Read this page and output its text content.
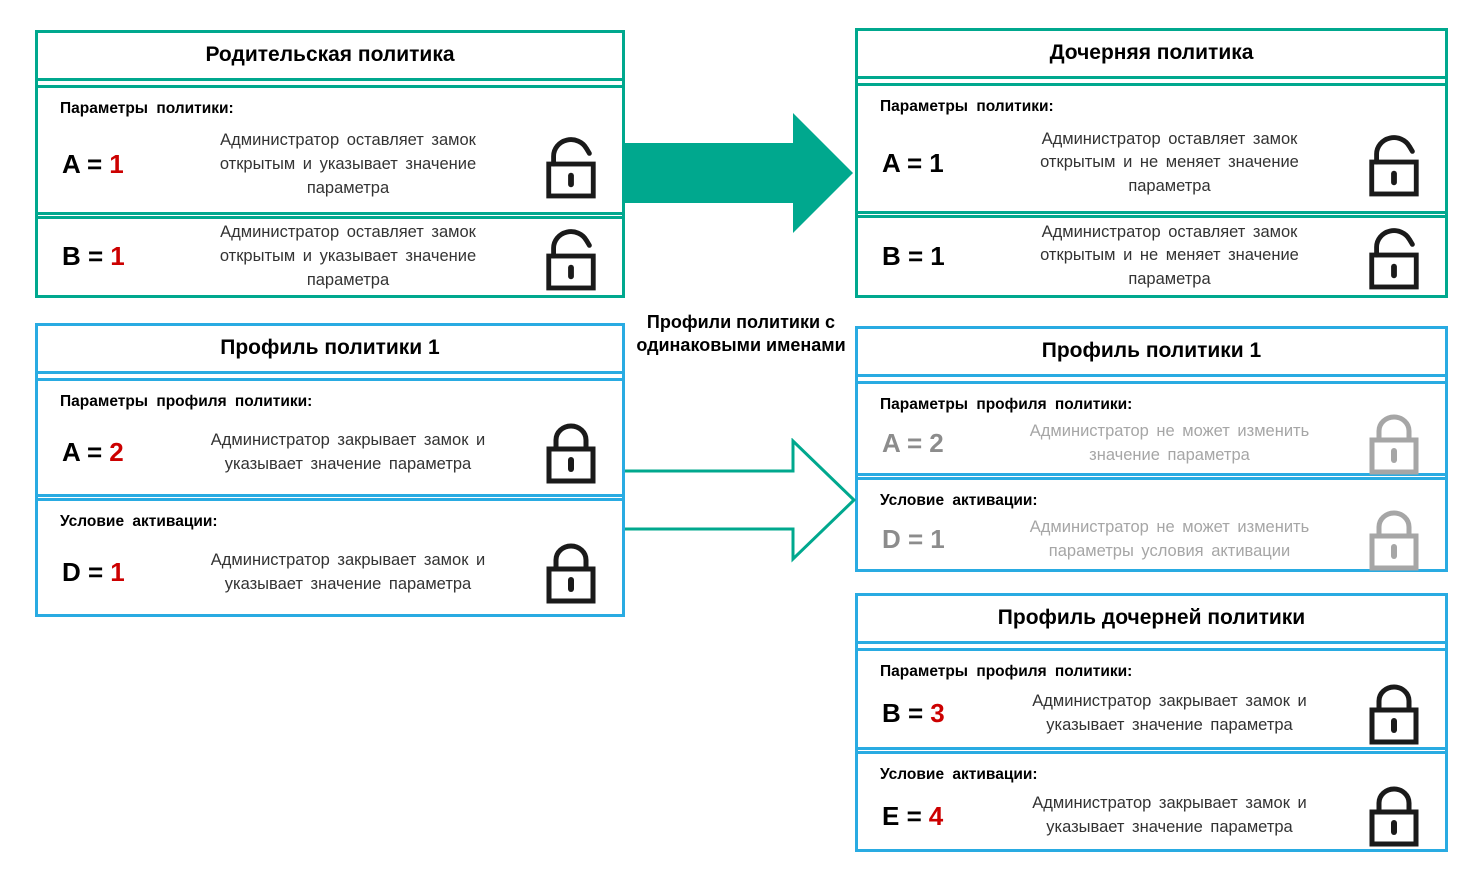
Родительская политика
Параметры политики:
A = 1
Администратор оставляет замок открытым и указывает значение параметра
B = 1
Администратор оставляет замок открытым и указывает значение параметра
Дочерняя политика
Параметры политики:
A = 1
Администратор оставляет замок открытым и не меняет значение параметра
B = 1
Администратор оставляет замок открытым и не меняет значение параметра
Профиль политики 1
Параметры профиля политики:
A = 2	Администратор закрывает замок и указывает значение параметра
Условие активации:
D = 1	Администратор закрывает замок и указывает значение параметра
Профиль политики 1
Параметры профиля политики:
A = 2	Администратор не может изменить значение параметра
Условие активации:
D = 1	Администратор не может изменить параметры условия активации
Профиль дочерней политики
Параметры профиля политики:
B = 3	Администратор закрывает замок и указывает значение параметра
Условие активации:
E = 4	Администратор закрывает замок и указывает значение параметра
Профили политики с одинаковыми именами
